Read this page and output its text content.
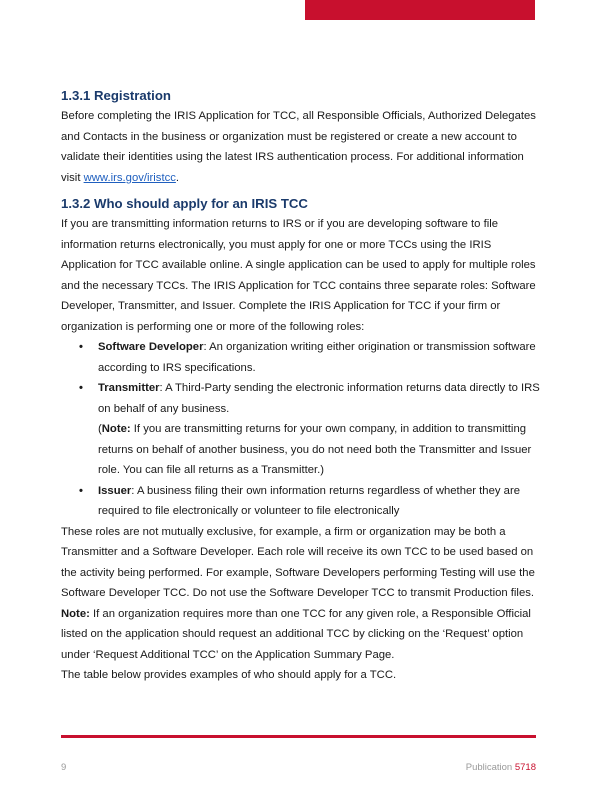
1.3.1 Registration

Before completing the IRIS Application for TCC, all Responsible Officials, Authorized Delegates and Contacts in the business or organization must be registered or create a new account to validate their identities using the latest IRS authentication process. For additional information visit www.irs.gov/iristcc.

1.3.2 Who should apply for an IRIS TCC

If you are transmitting information returns to IRS or if you are developing software to file information returns electronically, you must apply for one or more TCCs using the IRIS Application for TCC available online. A single application can be used to apply for multiple roles and the necessary TCCs. The IRIS Application for TCC contains three separate roles: Software Developer, Transmitter, and Issuer. Complete the IRIS Application for TCC if your firm or organization is performing one or more of the following roles:

• Software Developer: An organization writing either origination or transmission software according to IRS specifications.
• Transmitter: A Third-Party sending the electronic information returns data directly to IRS on behalf of any business.
(Note: If you are transmitting returns for your own company, in addition to transmitting returns on behalf of another business, you do not need both the Transmitter and Issuer role. You can file all returns as a Transmitter.)
• Issuer: A business filing their own information returns regardless of whether they are required to file electronically or volunteer to file electronically

These roles are not mutually exclusive, for example, a firm or organization may be both a Transmitter and a Software Developer. Each role will receive its own TCC to be used based on the activity being performed. For example, Software Developers performing Testing will use the Software Developer TCC. Do not use the Software Developer TCC to transmit Production files.

Note: If an organization requires more than one TCC for any given role, a Responsible Official listed on the application should request an additional TCC by clicking on the ‘Request’ option under ‘Request Additional TCC’ on the Application Summary Page.

The table below provides examples of who should apply for a TCC.

9	Publication 5718
